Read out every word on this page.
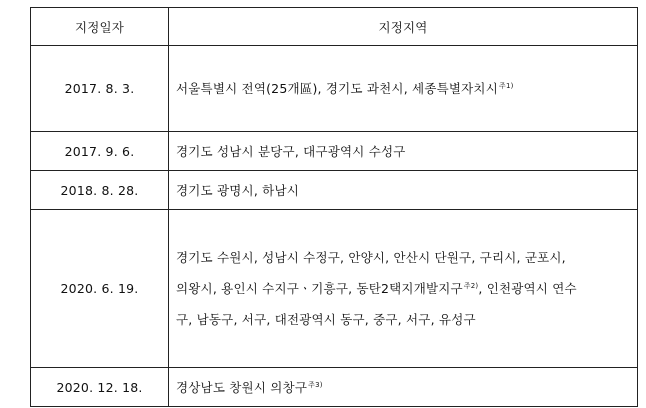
지정일자	지정지역
2017. 8. 3.	서울특별시 전역(25개區), 경기도 과천시, 세종특별자치시$^{주1)}$
2017. 9. 6.	경기도 성남시 분당구, 대구광역시 수성구
2018. 8. 28.	경기도 광명시, 하남시
2020. 6. 19.	경기도 수원시, 성남시 수정구, 안양시, 안산시 단원구, 구리시, 군포시,
의왕시, 용인시 수지구ㆍ기흥구, 동탄2택지개발지구$^{주2)}$, 인천광역시 연수
구, 남동구, 서구, 대전광역시 동구, 중구, 서구, 유성구
2020. 12. 18.	경상남도 창원시 의창구$^{주3)}$
